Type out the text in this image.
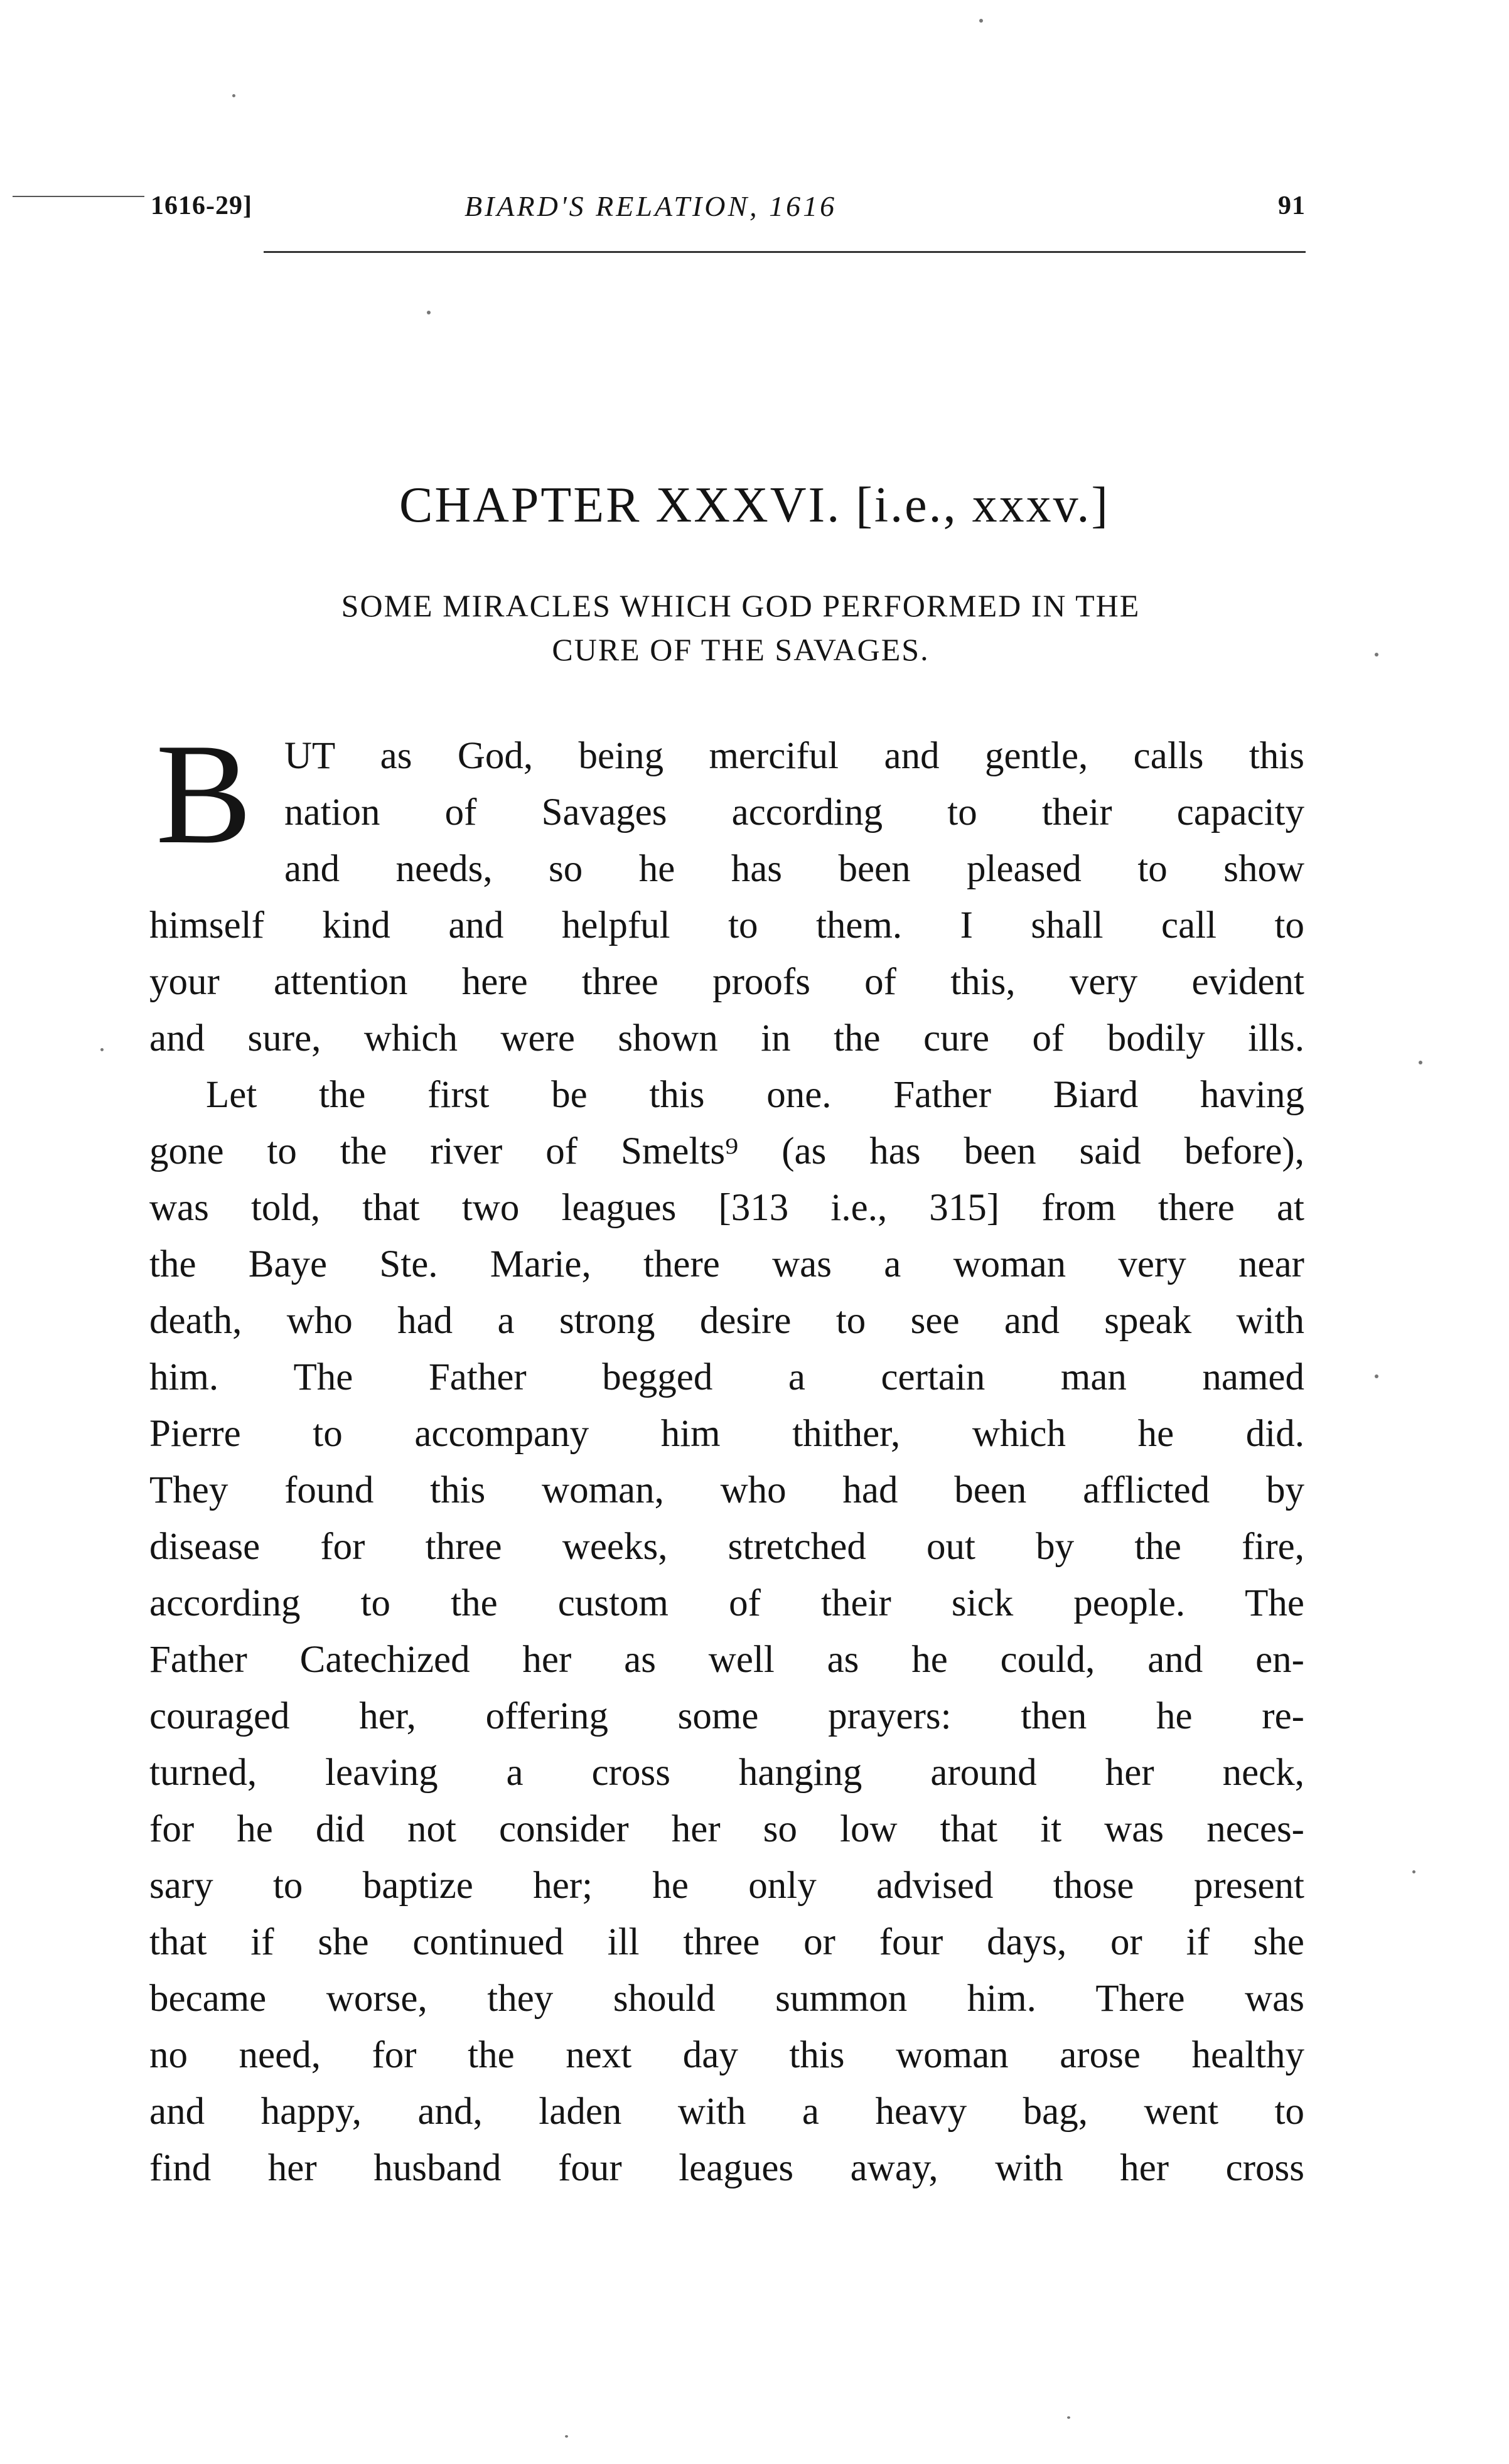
1616-29]	BIARD'S RELATION, 1616	91
CHAPTER XXXVI. [i.e., xxxv.]
SOME MIRACLES WHICH GOD PERFORMED IN THE
CURE OF THE SAVAGES.
B UT as God, being merciful and gentle, calls this
nation of Savages according to their capacity
and needs, so he has been pleased to show
himself kind and helpful to them. I shall call to
your attention here three proofs of this, very evident
and sure, which were shown in the cure of bodily ills.
Let the first be this one. Father Biard having
gone to the river of Smelts⁹ (as has been said before),
was told, that two leagues [313 i.e., 315] from there at
the Baye Ste. Marie, there was a woman very near
death, who had a strong desire to see and speak with
him. The Father begged a certain man named
Pierre to accompany him thither, which he did.
They found this woman, who had been afflicted by
disease for three weeks, stretched out by the fire,
according to the custom of their sick people. The
Father Catechized her as well as he could, and en-
couraged her, offering some prayers: then he re-
turned, leaving a cross hanging around her neck,
for he did not consider her so low that it was neces-
sary to baptize her; he only advised those present
that if she continued ill three or four days, or if she
became worse, they should summon him. There was
no need, for the next day this woman arose healthy
and happy, and, laden with a heavy bag, went to
find her husband four leagues away, with her cross
